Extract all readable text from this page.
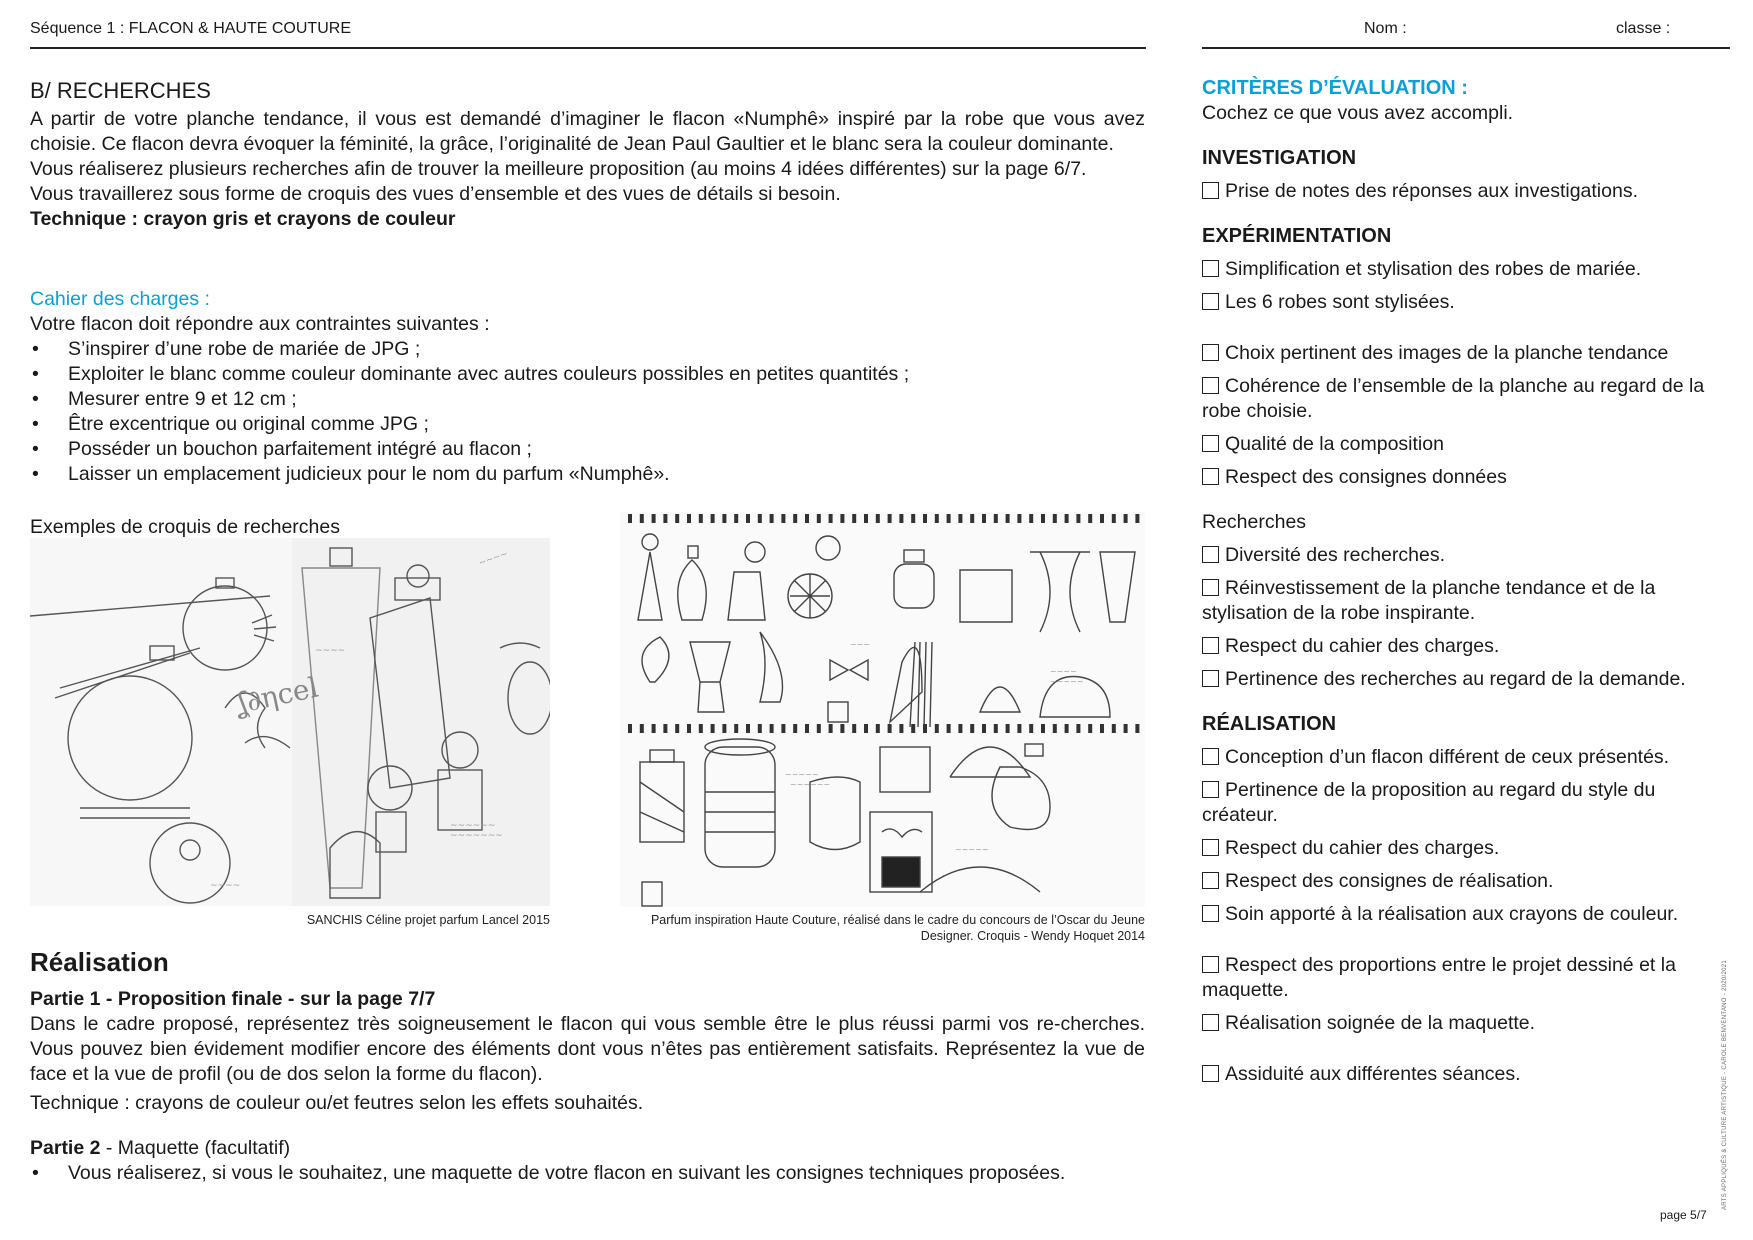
Séquence 1 : FLACON & HAUTE COUTURE	Nom :	classe :
B/ RECHERCHES

A partir de votre planche tendance, il vous est demandé d’imaginer le flacon «Numphê» inspiré par la robe que vous avez choisie. Ce flacon devra évoquer la féminité, la grâce, l’originalité de Jean Paul Gaultier et le blanc sera la couleur dominante.

Vous réaliserez plusieurs recherches afin de trouver la meilleure proposition (au moins 4 idées différentes) sur la page 6/7.

Vous travaillerez sous forme de croquis des vues d’ensemble et des vues de détails si besoin.

Technique : crayon gris et crayons de couleur

Cahier des charges :

Votre flacon doit répondre aux contraintes suivantes :

• S’inspirer d’une robe de mariée de JPG ;
• Exploiter le blanc comme couleur dominante avec autres couleurs possibles en petites quantités ;
• Mesurer entre 9 et 12 cm ;
• Être excentrique ou original comme JPG ;
• Posséder un bouchon parfaitement intégré au flacon ;
• Laisser un emplacement judicieux pour le nom du parfum «Numphê».
Exemples de croquis de recherches
~~~~
~~~~~~
~~~~~~~
~~~~
~~~~
ʆ∂ηcel
~~~~~
~~~~~~
~~~~
~~~~~
~~~
~~~~~
SANCHIS Céline projet parfum Lancel 2015	Parfum inspiration Haute Couture, réalisé dans le cadre du concours de l’Oscar du Jeune
Designer. Croquis - Wendy Hoquet 2014
Réalisation

Partie 1 - Proposition finale - sur la page 7/7

Dans le cadre proposé, représentez très soigneusement le flacon qui vous semble être le plus réussi parmi vos re-cherches. Vous pouvez bien évidement modifier encore des éléments dont vous n’êtes pas entièrement satisfaits. Représentez la vue de face et la vue de profil (ou de dos selon la forme du flacon).

Technique : crayons de couleur ou/et feutres selon les effets souhaités.

Partie 2 - Maquette (facultatif)

• Vous réaliserez, si vous le souhaitez, une maquette de votre flacon en suivant les consignes techniques proposées.
CRITÈRES D’ÉVALUATION :
Cochez ce que vous avez accompli.
INVESTIGATION
Prise de notes des réponses aux investigations.
EXPÉRIMENTATION
Simplification et stylisation des robes de mariée.
Les 6 robes sont stylisées.
Choix pertinent des images de la planche tendance
Cohérence de l’ensemble de la planche au regard de la robe choisie.
Qualité de la composition
Respect des consignes données
Recherches
Diversité des recherches.
Réinvestissement de la planche tendance et de la stylisation de la robe inspirante.
Respect du cahier des charges.
Pertinence des recherches au regard de la demande.
RÉALISATION
Conception d’un flacon différent de ceux présentés.
Pertinence de la proposition au regard du style du créateur.
Respect du cahier des charges.
Respect des consignes de réalisation.
Soin apporté à la réalisation aux crayons de couleur.
Respect des proportions entre le projet dessiné et la maquette.
Réalisation soignée de la maquette.
Assiduité aux différentes séances.
page 5/7
ARTS APPLIQUÉS & CULTURE ARTISTIQUE - CAROLE BENVENTANO - 2020/2021
